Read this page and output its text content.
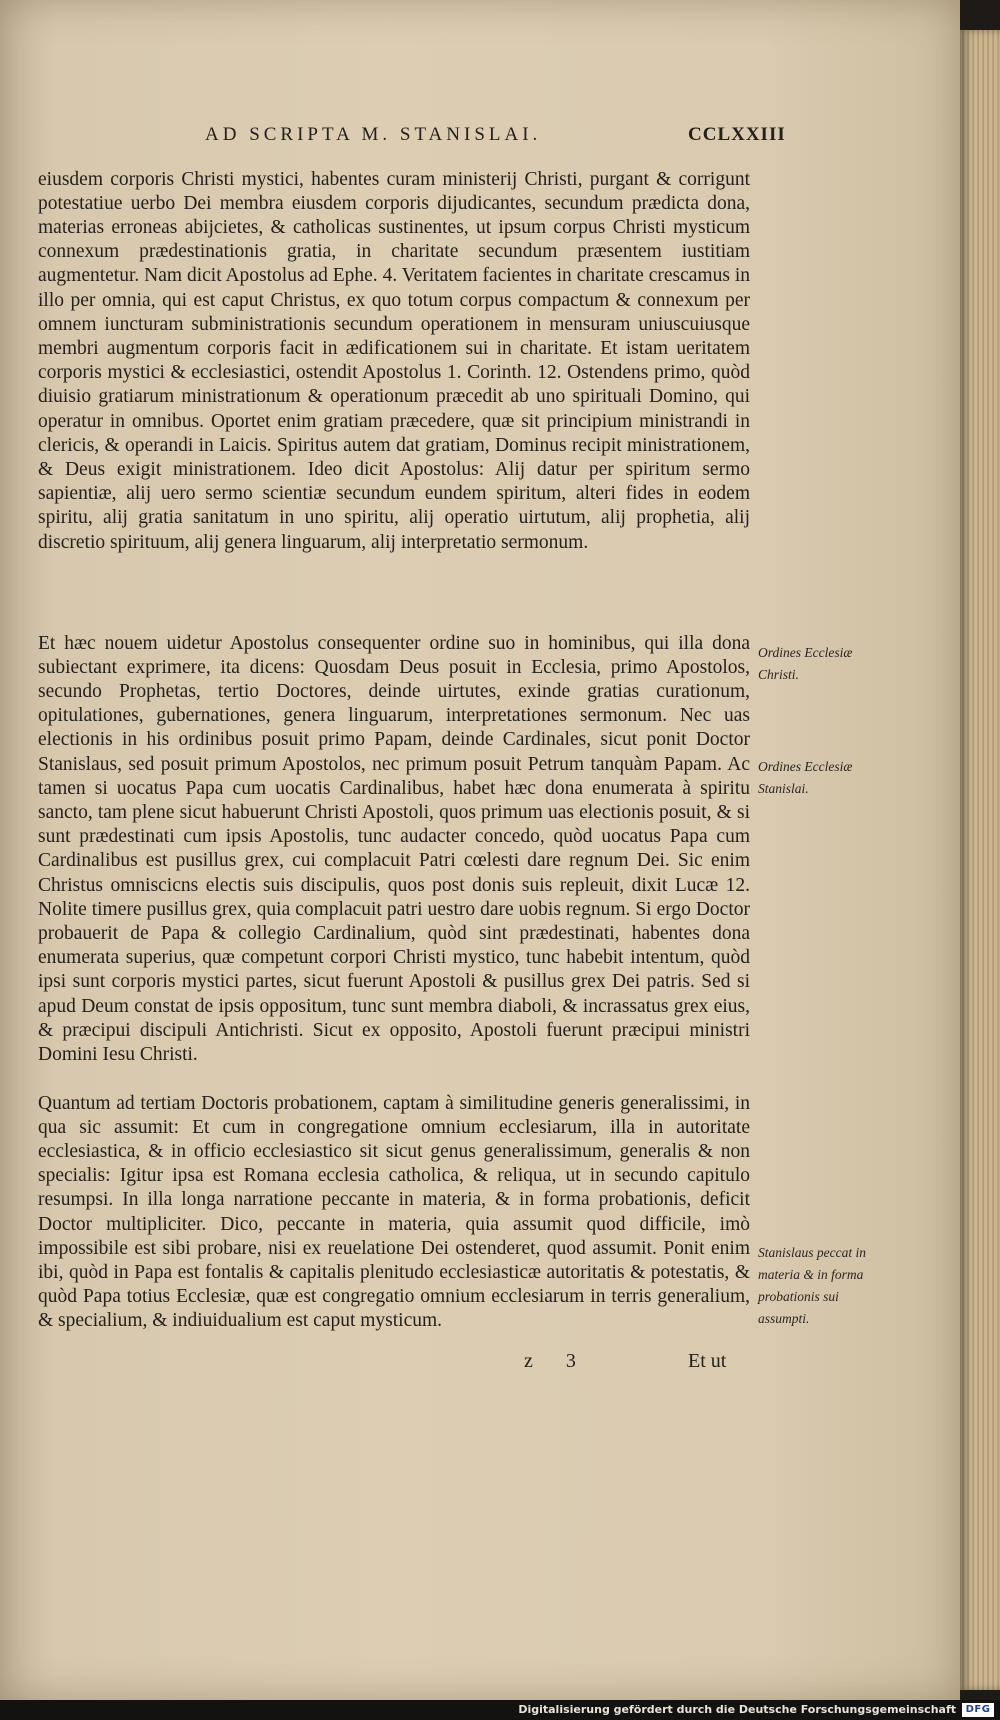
AD SCRIPTA M. STANISLAI.	CCLXXIII

eiusdem corporis Christi mystici, habentes curam ministerij Christi, purgant & corrigunt potestatiue uerbo Dei membra eiusdem corporis dijudicantes, secundum prædicta dona, materias erroneas abijcietes, & catholicas sustinentes, ut ipsum corpus Christi mysticum connexum prædestinationis gratia, in charitate secundum præsentem iustitiam augmentetur. Nam dicit Apostolus ad Ephe. 4. Veritatem facientes in charitate crescamus in illo per omnia, qui est caput Christus, ex quo totum corpus compactum & connexum per omnem iuncturam subministrationis secundum operationem in mensuram uniuscuiusque membri augmentum corporis facit in ædificationem sui in charitate. Et istam ueritatem corporis mystici & ecclesiastici, ostendit Apostolus 1. Corinth. 12. Ostendens primo, quòd diuisio gratiarum ministrationum & operationum præcedit ab uno spirituali Domino, qui operatur in omnibus. Oportet enim gratiam præcedere, quæ sit principium ministrandi in clericis, & operandi in Laicis. Spiritus autem dat gratiam, Dominus recipit ministrationem, & Deus exigit ministrationem. Ideo dicit Apostolus: Alij datur per spiritum sermo sapientiæ, alij uero sermo scientiæ secundum eundem spiritum, alteri fides in eodem spiritu, alij gratia sanitatum in uno spiritu, alij operatio uirtutum, alij prophetia, alij discretio spirituum, alij genera linguarum, alij interpretatio sermonum.

Et hæc nouem uidetur Apostolus consequenter ordine suo in hominibus, qui illa dona subiectant exprimere, ita dicens: Quosdam Deus posuit in Ecclesia, primo Apostolos, secundo Prophetas, tertio Doctores, deinde uirtutes, exinde gratias curationum, opitulationes, gubernationes, genera linguarum, interpretationes sermonum. Nec uas electionis in his ordinibus posuit primo Papam, deinde Cardinales, sicut ponit Doctor Stanislaus, sed posuit primum Apostolos, nec primum posuit Petrum tanquàm Papam. Ac tamen si uocatus Papa cum uocatis Cardinalibus, habet hæc dona enumerata à spiritu sancto, tam plene sicut habuerunt Christi Apostoli, quos primum uas electionis posuit, & si sunt prædestinati cum ipsis Apostolis, tunc audacter concedo, quòd uocatus Papa cum Cardinalibus est pusillus grex, cui complacuit Patri cœlesti dare regnum Dei. Sic enim Christus omniscicns electis suis discipulis, quos post donis suis repleuit, dixit Lucæ 12. Nolite timere pusillus grex, quia complacuit patri uestro dare uobis regnum. Si ergo Doctor probauerit de Papa & collegio Cardinalium, quòd sint prædestinati, habentes dona enumerata superius, quæ competunt corpori Christi mystico, tunc habebit intentum, quòd ipsi sunt corporis mystici partes, sicut fuerunt Apostoli & pusillus grex Dei patris. Sed si apud Deum constat de ipsis oppositum, tunc sunt membra diaboli, & incrassatus grex eius, & præcipui discipuli Antichristi. Sicut ex opposito, Apostoli fuerunt præcipui ministri Domini Iesu Christi.

Quantum ad tertiam Doctoris probationem, captam à similitudine generis generalissimi, in qua sic assumit: Et cum in congregatione omnium ecclesiarum, illa in autoritate ecclesiastica, & in officio ecclesiastico sit sicut genus generalissimum, generalis & non specialis: Igitur ipsa est Romana ecclesia catholica, & reliqua, ut in secundo capitulo resumpsi. In illa longa narratione peccante in materia, & in forma probationis, deficit Doctor multipliciter. Dico, peccante in materia, quia assumit quod difficile, imò impossibile est sibi probare, nisi ex reuelatione Dei ostenderet, quod assumit. Ponit enim ibi, quòd in Papa est fontalis & capitalis plenitudo ecclesiasticæ autoritatis & potestatis, & quòd Papa totius Ecclesiæ, quæ est congregatio omnium ecclesiarum in terris generalium, & specialium, & indiuidualium est caput mysticum.

Ordines Ecclesiæ Christi.
Ordines Ecclesiæ Stanislai.
Stanislaus peccat in materia & in forma probationis sui assumpti.
z 3	Et ut
Digitalisierung gefördert durch die Deutsche Forschungsgemeinschaft DFG
